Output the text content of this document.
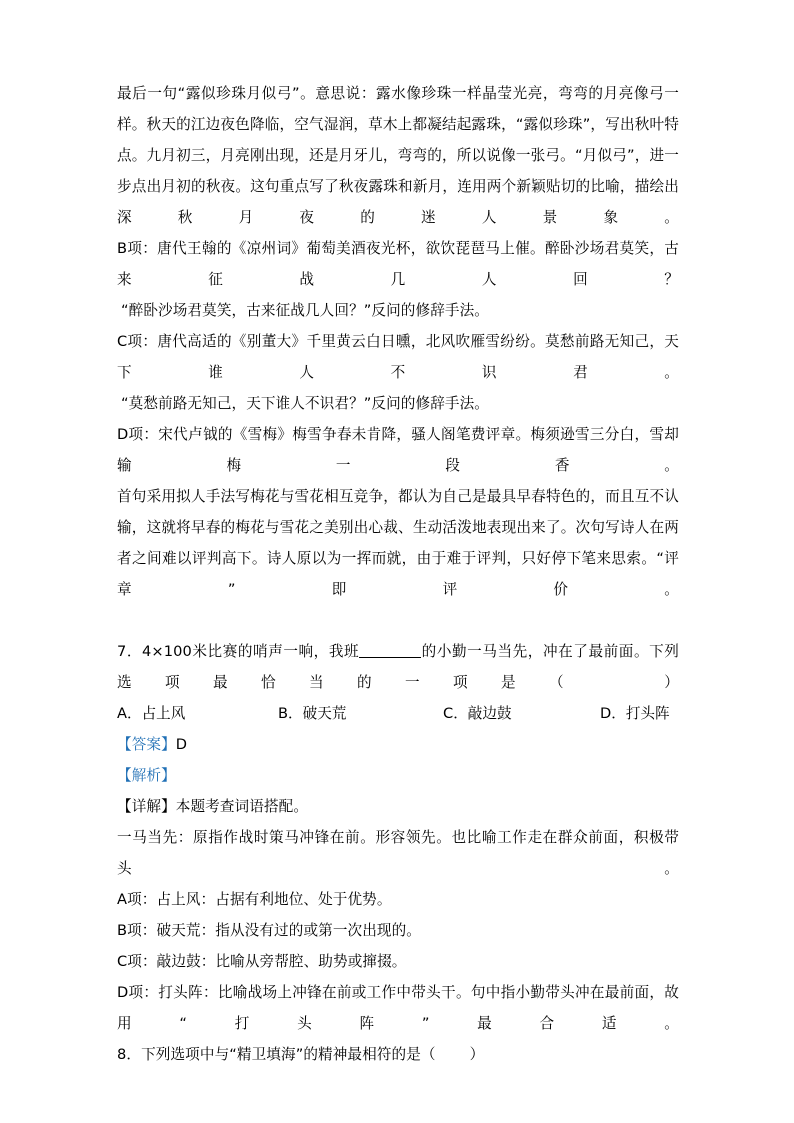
最后一句“露似珍珠月似弓”。意思说：露水像珍珠一样晶莹光亮，弯弯的月亮像弓一样。秋天的江边夜色降临，空气湿润，草木上都凝结起露珠，“露似珍珠”，写出秋叶特点。九月初三，月亮刚出现，还是月牙儿，弯弯的，所以说像一张弓。“月似弓”，进一步点出月初的秋夜。这句重点写了秋夜露珠和新月，连用两个新颖贴切的比喻，描绘出深秋月夜的迷人景象。

B项：唐代王翰的《凉州词》葡萄美酒夜光杯，欲饮琵琶马上催。醉卧沙场君莫笑，古来征战几人回？

“醉卧沙场君莫笑，古来征战几人回？”反问的修辞手法。

C项：唐代高适的《别董大》千里黄云白日曛，北风吹雁雪纷纷。莫愁前路无知己，天下谁人不识君。

“莫愁前路无知己，天下谁人不识君？”反问的修辞手法。

D项：宋代卢钺的《雪梅》梅雪争春未肯降，骚人阁笔费评章。梅须逊雪三分白，雪却输梅一段香。

首句采用拟人手法写梅花与雪花相互竞争，都认为自己是最具早春特色的，而且互不认输，这就将早春的梅花与雪花之美别出心裁、生动活泼地表现出来了。次句写诗人在两者之间难以评判高下。诗人原以为一挥而就，由于难于评判，只好停下笔来思索。“评章”即评价。

7．4×100米比赛的哨声一响，我班	的小勤一马当先，冲在了最前面。下列选项最恰当的一项是（ ）

A．占上风	B．破天荒	C．敲边鼓	D．打头阵

【答案】D

【解析】

【详解】本题考查词语搭配。

一马当先：原指作战时策马冲锋在前。形容领先。也比喻工作走在群众前面，积极带头。

A项：占上风：占据有利地位、处于优势。

B项：破天荒：指从没有过的或第一次出现的。

C项：敲边鼓：比喻从旁帮腔、助势或撺掇。

D项：打头阵：比喻战场上冲锋在前或工作中带头干。句中指小勤带头冲在最前面，故用“打头阵”最合适。

8．下列选项中与“精卫填海”的精神最相符的是（ ）
